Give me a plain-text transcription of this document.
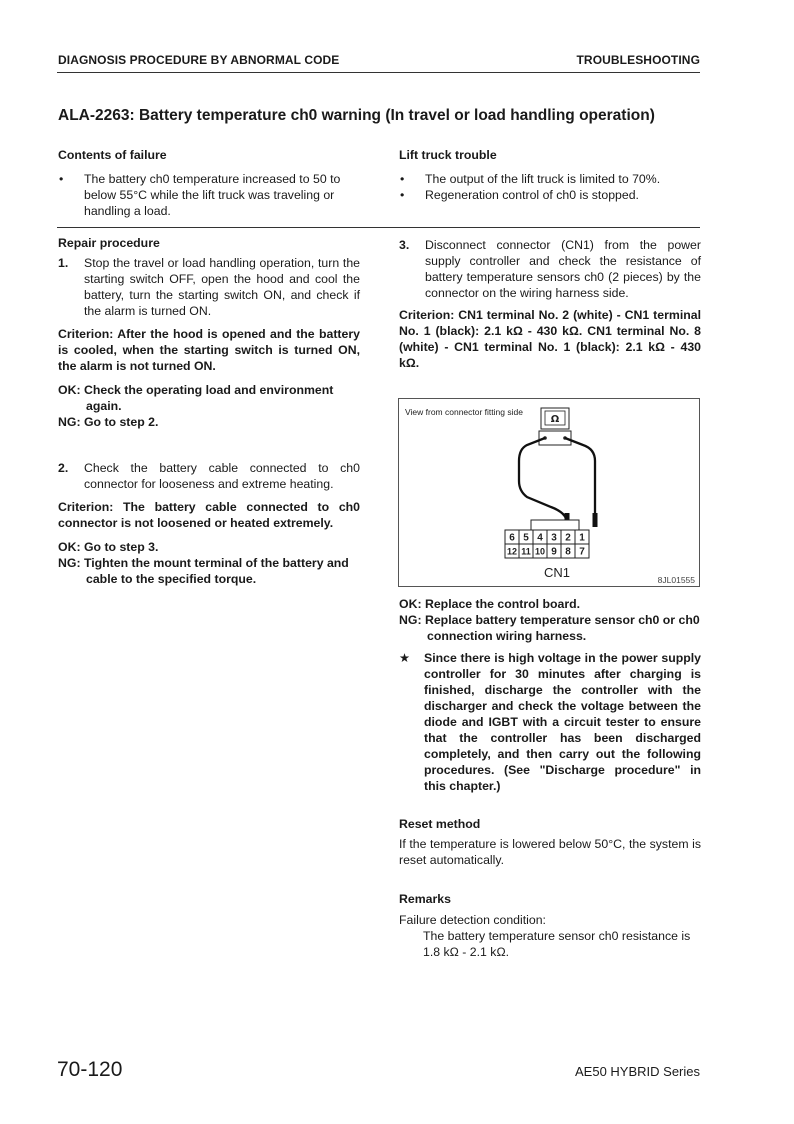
DIAGNOSIS PROCEDURE BY ABNORMAL CODE	TROUBLESHOOTING
ALA-2263: Battery temperature ch0 warning (In travel or load handling operation)
Contents of failure
• The battery ch0 temperature increased to 50 to below 55°C while the lift truck was traveling or handling a load.
Lift truck trouble
• The output of the lift truck is limited to 70%.
• Regeneration control of ch0 is stopped.
Repair procedure
1. Stop the travel or load handling operation, turn the starting switch OFF, open the hood and cool the battery, turn the starting switch ON, and check if the alarm is turned ON.
Criterion: After the hood is opened and the battery is cooled, when the starting switch is turned ON, the alarm is not turned ON.

OK: Check the operating load and environment again.

NG: Go to step 2.

2. Check the battery cable connected to ch0 connector for looseness and extreme heating.
Criterion: The battery cable connected to ch0 connector is not loosened or heated extremely.

OK: Go to step 3.

NG: Tighten the mount terminal of the battery and cable to the specified torque.

3. Disconnect connector (CN1) from the power supply controller and check the resistance of battery temperature sensors ch0 (2 pieces) by the connector on the wiring harness side.
Criterion: CN1 terminal No. 2 (white) - CN1 terminal No. 1 (black): 2.1 kΩ - 430 kΩ. CN1 terminal No. 8 (white) - CN1 terminal No. 1 (black): 2.1 kΩ - 430 kΩ.
View from connector fitting side
Ω
6 5 4 3 2 1
12 11 10 9 8 7
CN1	8JL01555

OK: Replace the control board.

NG: Replace battery temperature sensor ch0 or ch0 connection wiring harness.

★ Since there is high voltage in the power supply controller for 30 minutes after charging is finished, discharge the controller with the discharger and check the voltage between the diode and IGBT with a circuit tester to ensure that the controller has been discharged completely, and then carry out the following procedures. (See "Discharge procedure" in this chapter.)
Reset method
If the temperature is lowered below 50°C, the system is reset automatically.
Remarks
Failure detection condition:
The battery temperature sensor ch0 resistance is 1.8 kΩ - 2.1 kΩ.
70-120	AE50 HYBRID Series
